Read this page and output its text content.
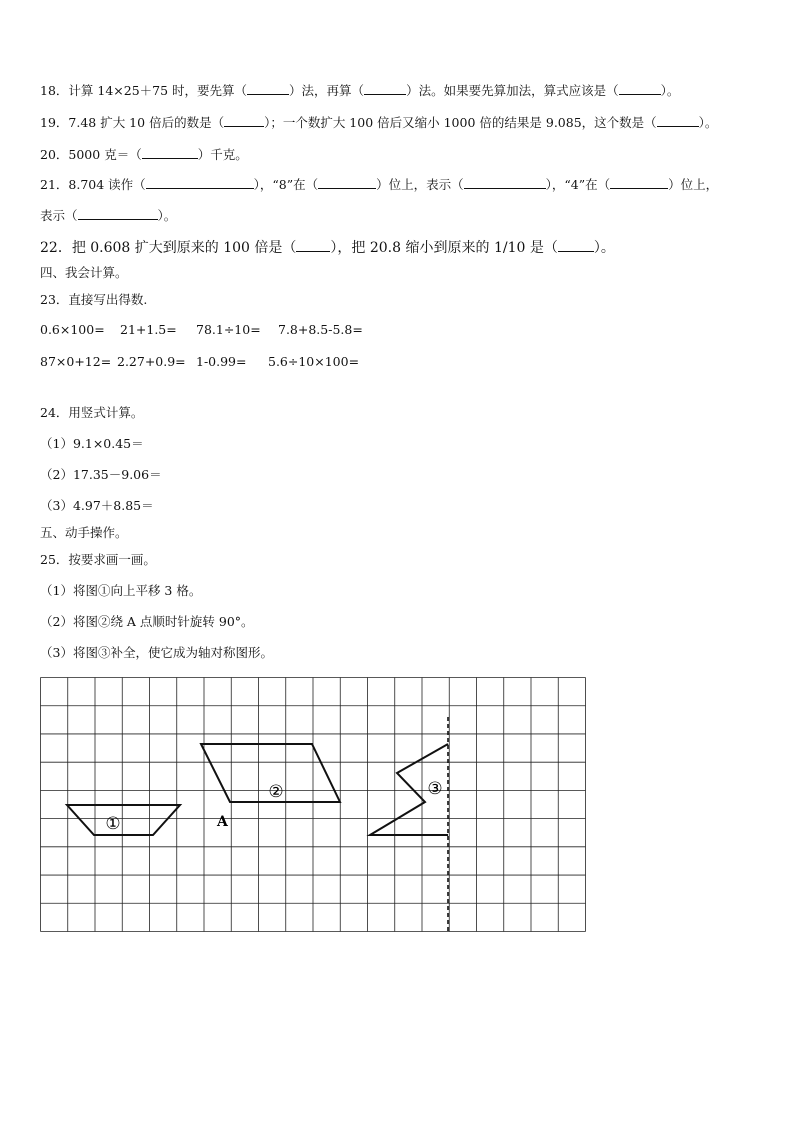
18．计算 14×25＋75 时，要先算（	）法，再算（	）法。如果要先算加法，算式应该是（	）。
19．7.48 扩大 10 倍后的数是（	）；一个数扩大 100 倍后又缩小 1000 倍的结果是 9.085，这个数是（	）。
20．5000 克＝（	）千克。
21．8.704 读作（	），“8”在（	）位上，表示（	），“4”在（	）位上，
表示（	）。
22．把 0.608 扩大到原来的 100 倍是（ ），把 20.8 缩小到原来的 1/10 是（	）。
四、我会计算。
23．直接写出得数.
0.6×100= 21+1.5= 78.1÷10= 7.8+8.5-5.8=
87×0+12= 2.27+0.9= 1-0.99= 5.6÷10×100=
24．用竖式计算。
（1）9.1×0.45＝
（2）17.35－9.06＝
（3）4.97＋8.85＝
五、动手操作。
25．按要求画一画。
（1）将图①向上平移 3 格。
（2）将图②绕 A 点顺时针旋转 90°。
（3）将图③补全，使它成为轴对称图形。
①
②
A
③
